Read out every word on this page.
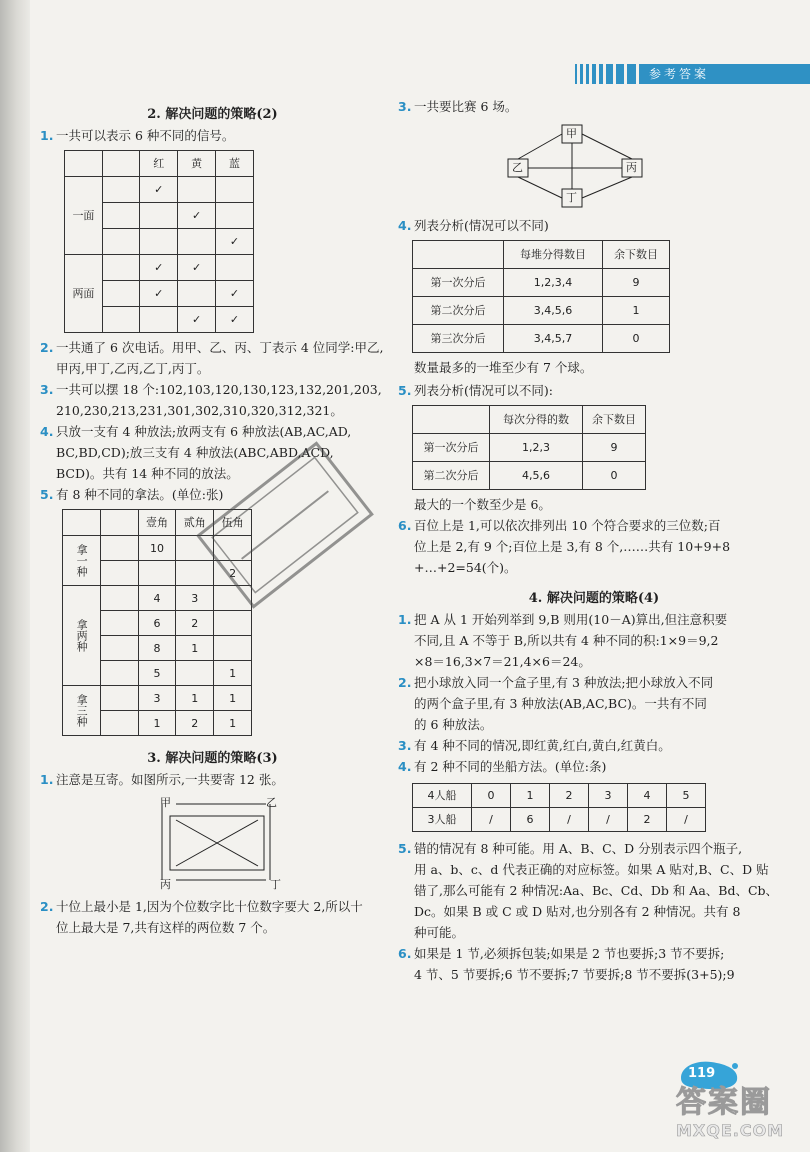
参考答案

2. 解决问题的策略(2)

1. 一共可以表示 6 种不同的信号。

		红	黄	蓝
一面		✓		
			✓	
				✓
两面		✓	✓	
		✓		✓
			✓	✓

2. 一共通了 6 次电话。用甲、乙、丙、丁表示 4 位同学:甲乙,
甲丙,甲丁,乙丙,乙丁,丙丁。

3. 一共可以摆 18 个:102,103,120,130,123,132,201,203,
210,230,213,231,301,302,310,320,312,321。

4. 只放一支有 4 种放法;放两支有 6 种放法(AB,AC,AD,
BC,BD,CD);放三支有 4 种放法(ABC,ABD,ACD,
BCD)。共有 14 种不同的放法。

5. 有 8 种不同的拿法。(单位:张)

		壹角	贰角	伍角
拿一种		10		
				2
拿两种		4	3	
		6	2	
		8	1	
		5		1
拿三种		3	1	1
		1	2	1

3. 解决问题的策略(3)

1. 注意是互寄。如图所示,一共要寄 12 张。

甲	乙
丙	丁

2. 十位上最小是 1,因为个位数字比十位数字要大 2,所以十
位上最大是 7,共有这样的两位数 7 个。

3. 一共要比赛 6 场。

甲
乙	丙
丁

4. 列表分析(情况可以不同)

	每堆分得数目	余下数目
第一次分后	1,2,3,4	9
第二次分后	3,4,5,6	1
第三次分后	3,4,5,7	0

数量最多的一堆至少有 7 个球。

5. 列表分析(情况可以不同):

	每次分得的数	余下数目
第一次分后	1,2,3	9
第二次分后	4,5,6	0

最大的一个数至少是 6。

6. 百位上是 1,可以依次排列出 10 个符合要求的三位数;百
位上是 2,有 9 个;百位上是 3,有 8 个,……共有 10+9+8
+…+2=54(个)。

4. 解决问题的策略(4)

1. 把 A 从 1 开始列举到 9,B 则用(10－A)算出,但注意积要
不同,且 A 不等于 B,所以共有 4 种不同的积:1×9＝9,2
×8＝16,3×7＝21,4×6＝24。

2. 把小球放入同一个盒子里,有 3 种放法;把小球放入不同
的两个盒子里,有 3 种放法(AB,AC,BC)。一共有不同
的 6 种放法。

3. 有 4 种不同的情况,即红黄,红白,黄白,红黄白。

4. 有 2 种不同的坐船方法。(单位:条)

4人船	0	1	2	3	4	5
3人船	/	6	/	/	2	/

5. 错的情况有 8 种可能。用 A、B、C、D 分别表示四个瓶子,
用 a、b、c、d 代表正确的对应标签。如果 A 贴对,B、C、D 贴
错了,那么可能有 2 种情况:Aa、Bc、Cd、Db 和 Aa、Bd、Cb、
Dc。如果 B 或 C 或 D 贴对,也分别各有 2 种情况。共有 8
种可能。

6. 如果是 1 节,必须拆包装;如果是 2 节也要拆;3 节不要拆;
4 节、5 节要拆;6 节不要拆;7 节要拆;8 节不要拆(3+5);9

119
答案圈
MXQE.COM
